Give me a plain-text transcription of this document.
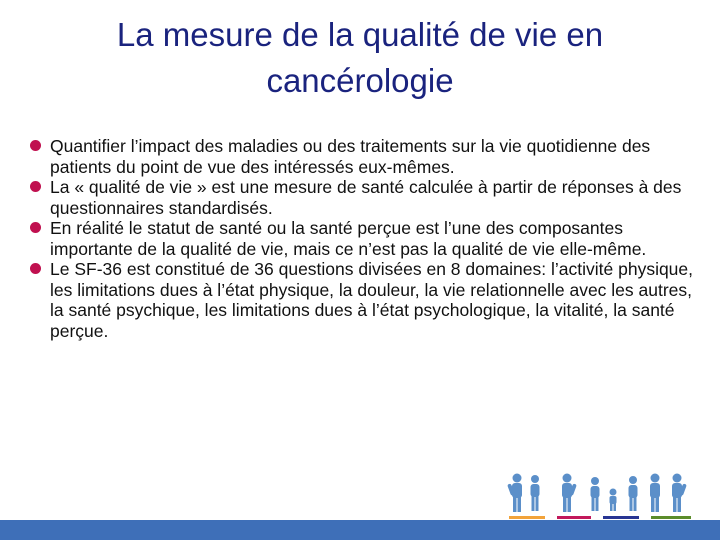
La mesure de la qualité de vie en cancérologie
Quantifier l’impact des maladies ou des traitements sur la vie quotidienne des patients du point de vue des intéressés eux-mêmes.
La « qualité de vie » est une mesure de santé calculée à partir de réponses à des questionnaires standardisés.
En réalité le statut de santé ou la santé perçue est l’une des composantes importante de la qualité de vie, mais ce n’est pas la qualité de vie elle-même.
Le SF-36 est constitué de 36 questions divisées en 8 domaines: l’activité physique, les limitations dues à l’état physique, la douleur, la vie relationnelle avec les autres, la santé psychique, les limitations dues à l’état psychologique, la vitalité, la santé perçue.
